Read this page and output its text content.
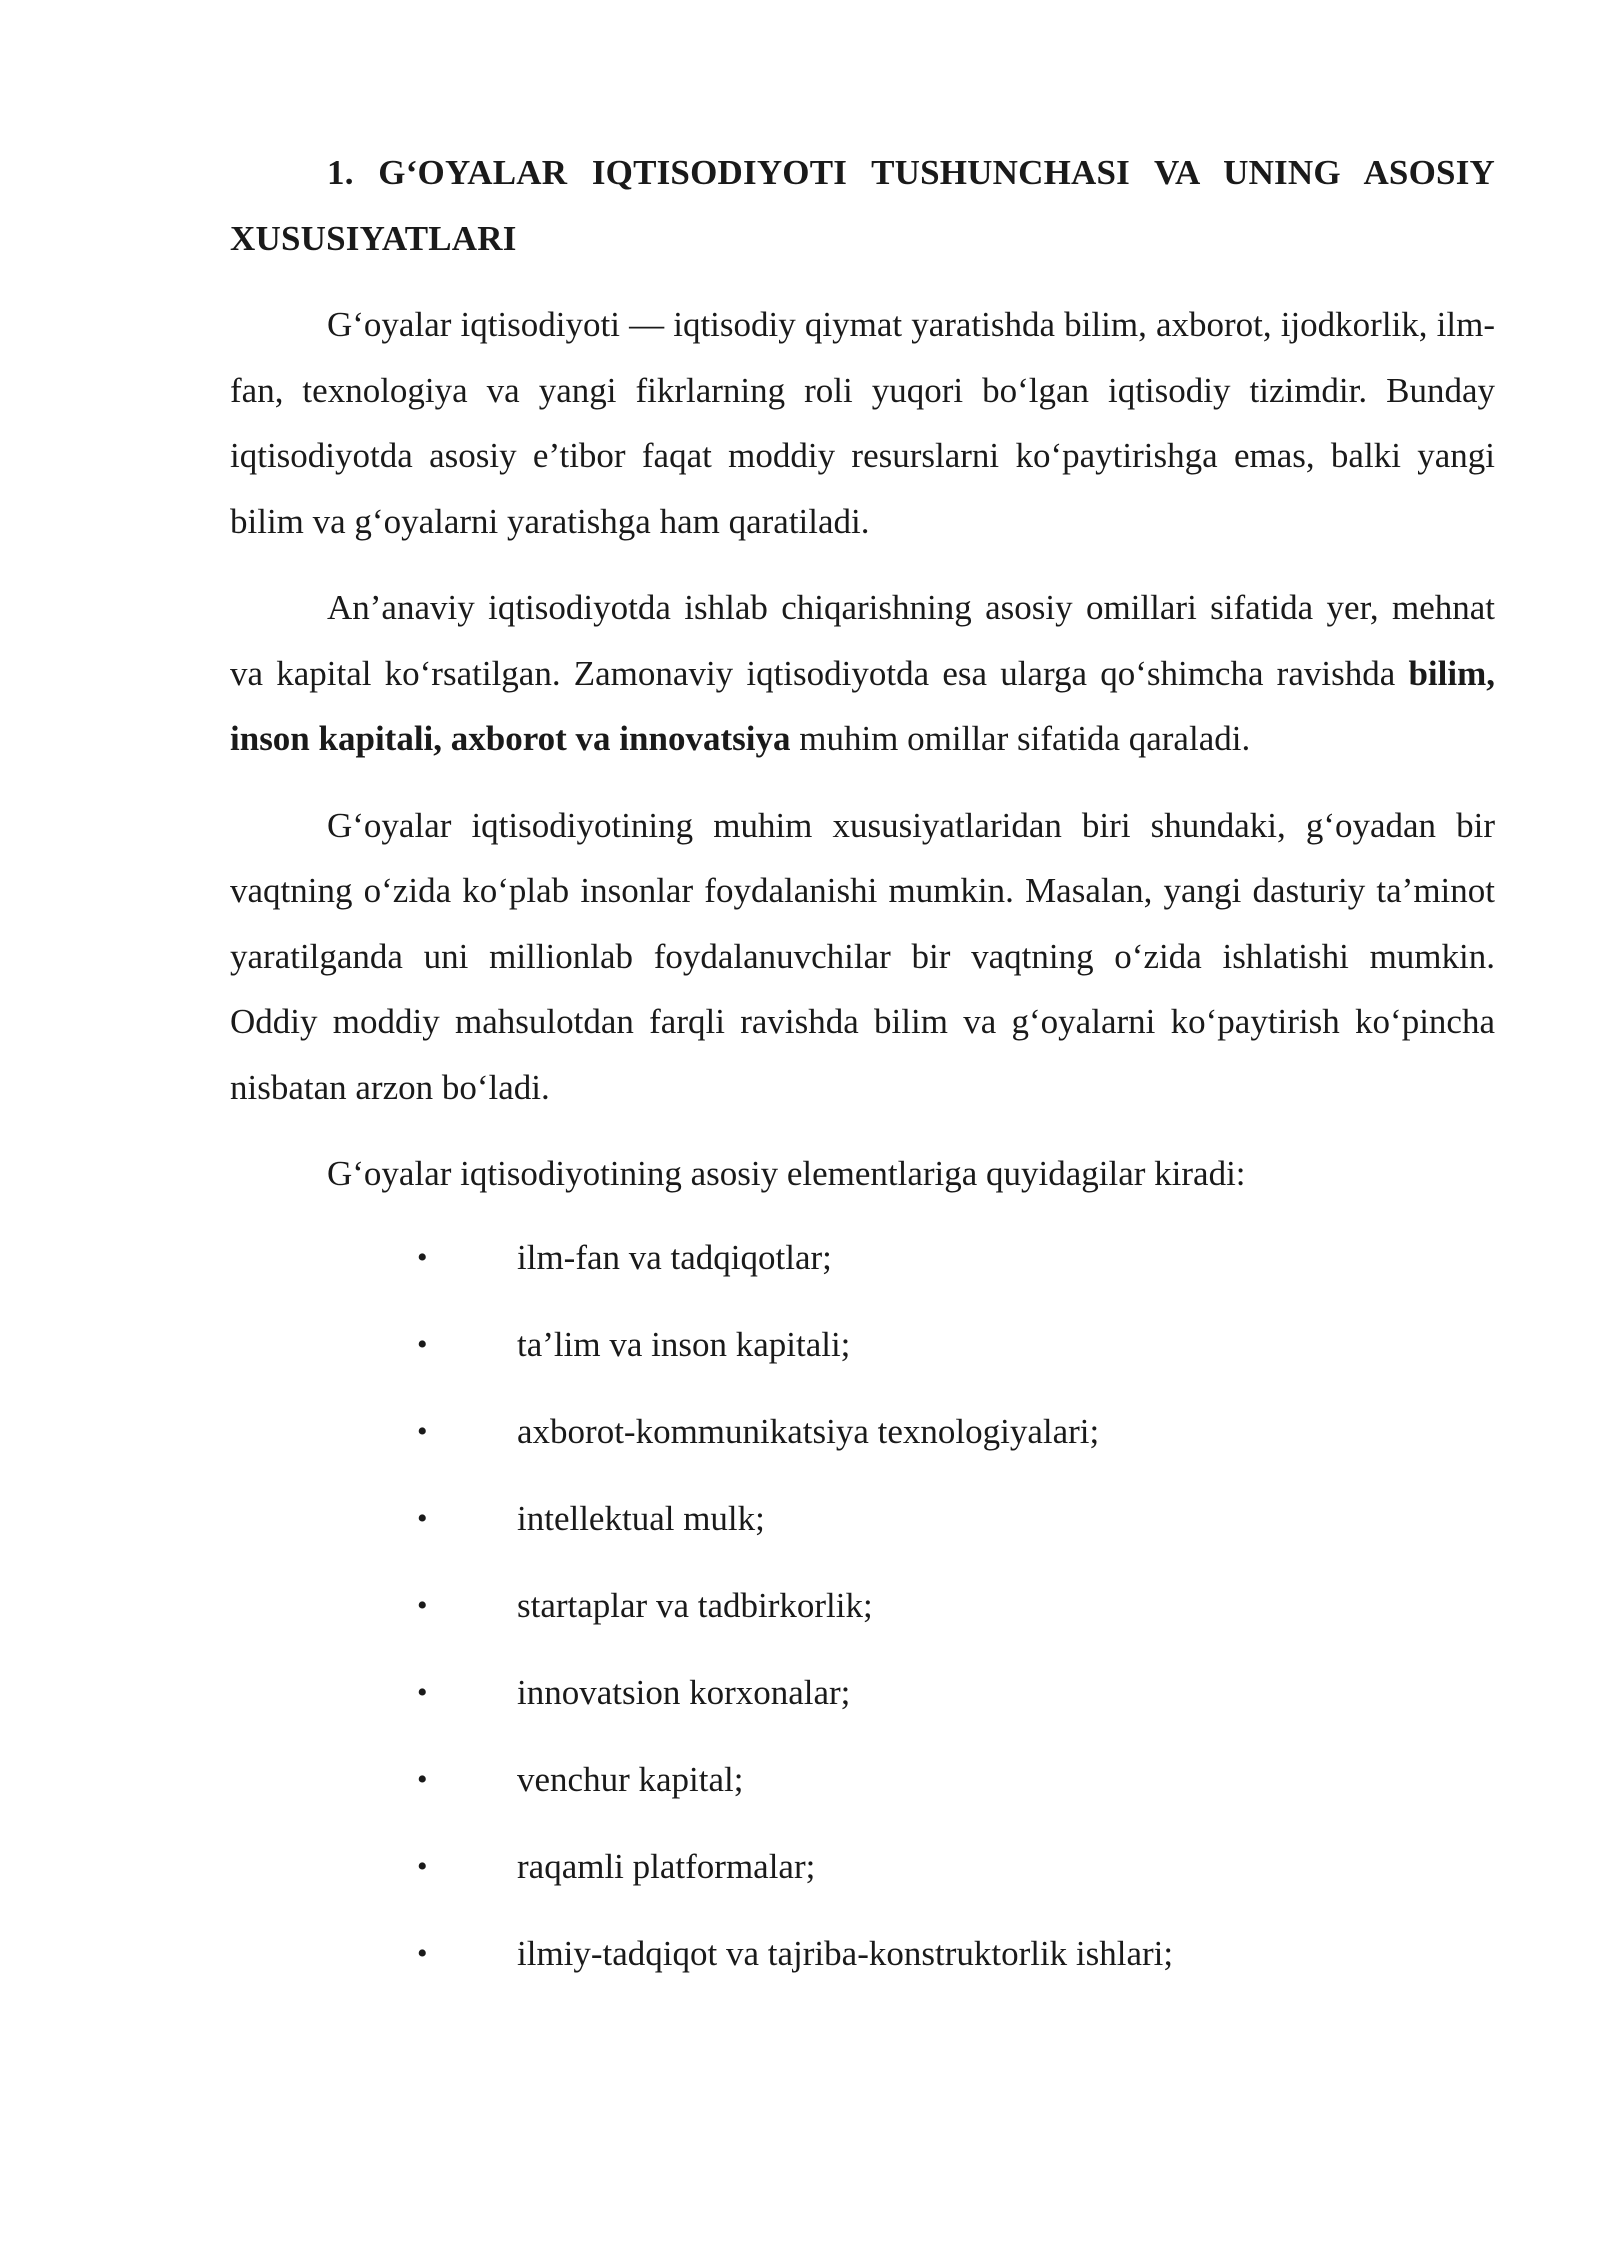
1. G‘OYALAR IQTISODIYOTI TUSHUNCHASI VA UNING ASOSIY XUSUSIYATLARI

G‘oyalar iqtisodiyoti — iqtisodiy qiymat yaratishda bilim, axborot, ijodkorlik, ilm-fan, texnologiya va yangi fikrlarning roli yuqori bo‘lgan iqtisodiy tizimdir. Bunday iqtisodiyotda asosiy e’tibor faqat moddiy resurslarni ko‘paytirishga emas, balki yangi bilim va g‘oyalarni yaratishga ham qaratiladi.

An’anaviy iqtisodiyotda ishlab chiqarishning asosiy omillari sifatida yer, mehnat va kapital ko‘rsatilgan. Zamonaviy iqtisodiyotda esa ularga qo‘shimcha ravishda bilim, inson kapitali, axborot va innovatsiya muhim omillar sifatida qaraladi.

G‘oyalar iqtisodiyotining muhim xususiyatlaridan biri shundaki, g‘oyadan bir vaqtning o‘zida ko‘plab insonlar foydalanishi mumkin. Masalan, yangi dasturiy ta’minot yaratilganda uni millionlab foydalanuvchilar bir vaqtning o‘zida ishlatishi mumkin. Oddiy moddiy mahsulotdan farqli ravishda bilim va g‘oyalarni ko‘paytirish ko‘pincha nisbatan arzon bo‘ladi.

G‘oyalar iqtisodiyotining asosiy elementlariga quyidagilar kiradi:

•	ilm-fan va tadqiqotlar;
•	ta’lim va inson kapitali;
•	axborot-kommunikatsiya texnologiyalari;
•	intellektual mulk;
•	startaplar va tadbirkorlik;
•	innovatsion korxonalar;
•	venchur kapital;
•	raqamli platformalar;
•	ilmiy-tadqiqot va tajriba-konstruktorlik ishlari;
